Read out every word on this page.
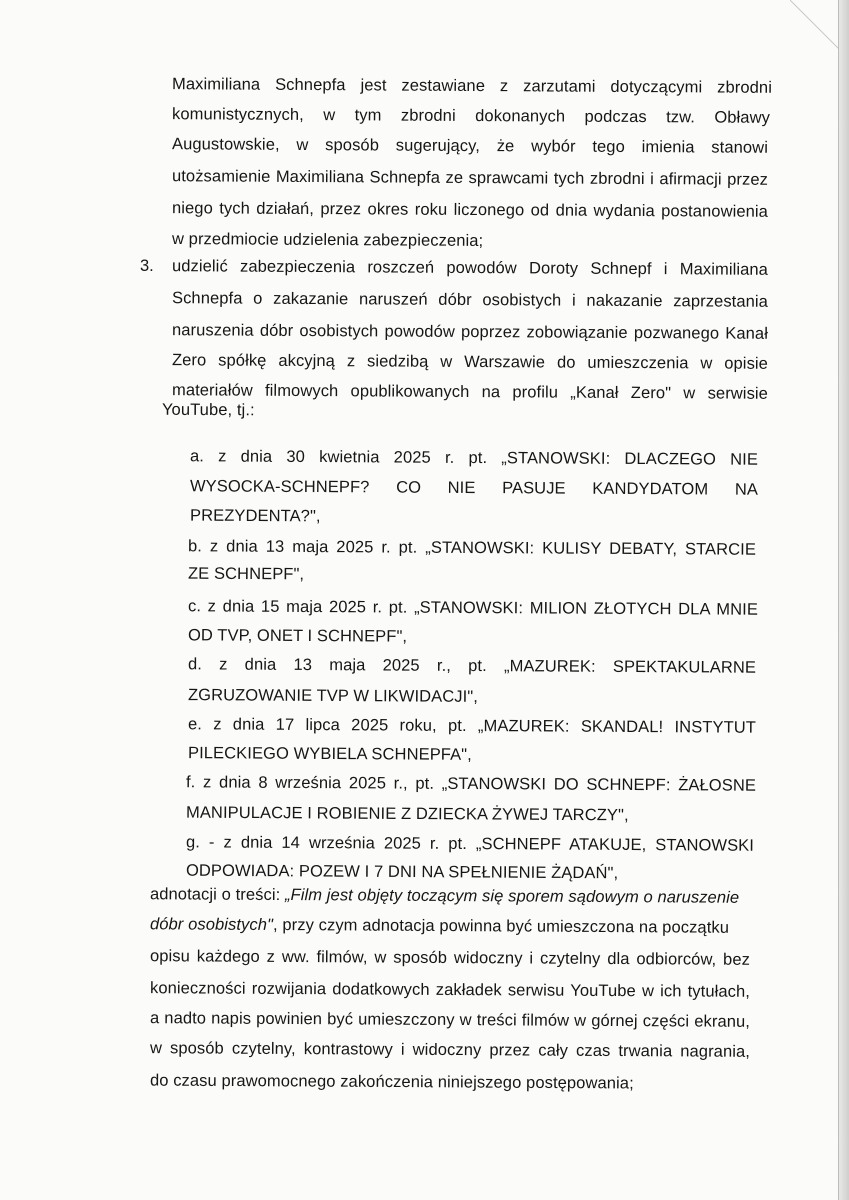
Maximiliana Schnepfa jest zestawiane z zarzutami dotyczącymi zbrodni
komunistycznych, w tym zbrodni dokonanych podczas tzw. Obławy
Augustowskie, w sposób sugerujący, że wybór tego imienia stanowi
utożsamienie Maximiliana Schnepfa ze sprawcami tych zbrodni i afirmacji przez
niego tych działań, przez okres roku liczonego od dnia wydania postanowienia
w przedmiocie udzielenia zabezpieczenia;
3. udzielić zabezpieczenia roszczeń powodów Doroty Schnepf i Maximiliana
Schnepfa o zakazanie naruszeń dóbr osobistych i nakazanie zaprzestania
naruszenia dóbr osobistych powodów poprzez zobowiązanie pozwanego Kanał
Zero spółkę akcyjną z siedzibą w Warszawie do umieszczenia w opisie
materiałów filmowych opublikowanych na profilu „Kanał Zero" w serwisie
YouTube, tj.:
a. z dnia 30 kwietnia 2025 r. pt. „STANOWSKI: DLACZEGO NIE
WYSOCKA-SCHNEPF? CO NIE PASUJE KANDYDATOM NA
PREZYDENTA?",
b. z dnia 13 maja 2025 r. pt. „STANOWSKI: KULISY DEBATY, STARCIE
ZE SCHNEPF",
c. z dnia 15 maja 2025 r. pt. „STANOWSKI: MILION ZŁOTYCH DLA MNIE
OD TVP, ONET I SCHNEPF",
d. z dnia 13 maja 2025 r., pt. „MAZUREK: SPEKTAKULARNE
ZGRUZOWANIE TVP W LIKWIDACJI",
e. z dnia 17 lipca 2025 roku, pt. „MAZUREK: SKANDAL! INSTYTUT
PILECKIEGO WYBIELA SCHNEPFA",
f. z dnia 8 września 2025 r., pt. „STANOWSKI DO SCHNEPF: ŻAŁOSNE
MANIPULACJE I ROBIENIE Z DZIECKA ŻYWEJ TARCZY",
g. - z dnia 14 września 2025 r. pt. „SCHNEPF ATAKUJE, STANOWSKI
ODPOWIADA: POZEW I 7 DNI NA SPEŁNIENIE ŻĄDAŃ",
adnotacji o treści: „Film jest objęty toczącym się sporem sądowym o naruszenie
dóbr osobistych", przy czym adnotacja powinna być umieszczona na początku
opisu każdego z ww. filmów, w sposób widoczny i czytelny dla odbiorców, bez
konieczności rozwijania dodatkowych zakładek serwisu YouTube w ich tytułach,
a nadto napis powinien być umieszczony w treści filmów w górnej części ekranu,
w sposób czytelny, kontrastowy i widoczny przez cały czas trwania nagrania,
do czasu prawomocnego zakończenia niniejszego postępowania;
